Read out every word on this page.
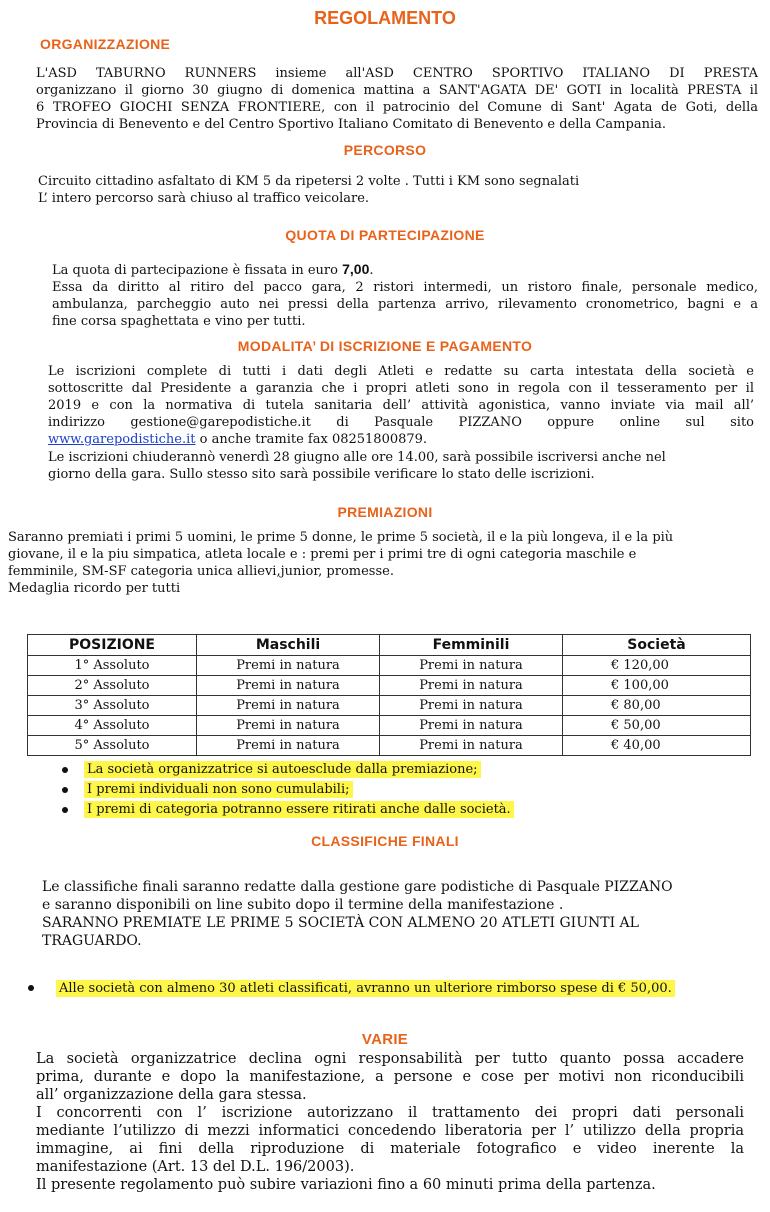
REGOLAMENTO
ORGANIZZAZIONE
L'ASD TABURNO RUNNERS insieme all'ASD CENTRO SPORTIVO ITALIANO DI PRESTA
organizzano il giorno 30 giugno di domenica mattina a SANT'AGATA DE' GOTI in località PRESTA il
6 TROFEO GIOCHI SENZA FRONTIERE, con il patrocinio del Comune di Sant' Agata de Goti, della
Provincia di Benevento e del Centro Sportivo Italiano Comitato di Benevento e della Campania.
PERCORSO
Circuito cittadino asfaltato di KM 5 da ripetersi 2 volte . Tutti i KM sono segnalati
L’ intero percorso sarà chiuso al traffico veicolare.
QUOTA DI PARTECIPAZIONE
La quota di partecipazione è fissata in euro 7,00.
Essa da diritto al ritiro del pacco gara, 2 ristori intermedi, un ristoro finale, personale medico,
ambulanza, parcheggio auto nei pressi della partenza arrivo, rilevamento cronometrico, bagni e a
fine corsa spaghettata e vino per tutti.
MODALITA’ DI ISCRIZIONE E PAGAMENTO
Le iscrizioni complete di tutti i dati degli Atleti e redatte su carta intestata della società e
sottoscritte dal Presidente a garanzia che i propri atleti sono in regola con il tesseramento per il
2019 e con la normativa di tutela sanitaria dell’ attività agonistica, vanno inviate via mail all’
indirizzo gestione@garepodistiche.it di Pasquale PIZZANO oppure online sul sito
www.garepodistiche.it o anche tramite fax 08251800879.
Le iscrizioni chiuderannò venerdì 28 giugno alle ore 14.00, sarà possibile iscriversi anche nel
giorno della gara. Sullo stesso sito sarà possibile verificare lo stato delle iscrizioni.
PREMIAZIONI
Saranno premiati i primi 5 uomini, le prime 5 donne, le prime 5 società, il e la più longeva, il e la più
giovane, il e la piu simpatica, atleta locale e : premi per i primi tre di ogni categoria maschile e
femminile, SM-SF categoria unica allievi,junior, promesse.
Medaglia ricordo per tutti
POSIZIONE	Maschili	Femminili	Società
1° Assoluto	Premi in natura	Premi in natura	€ 120,00
2° Assoluto	Premi in natura	Premi in natura	€ 100,00
3° Assoluto	Premi in natura	Premi in natura	€ 80,00
4° Assoluto	Premi in natura	Premi in natura	€ 50,00
5° Assoluto	Premi in natura	Premi in natura	€ 40,00
La società organizzatrice si autoesclude dalla premiazione;
I premi individuali non sono cumulabili;
I premi di categoria potranno essere ritirati anche dalle società.
CLASSIFICHE FINALI
Le classifiche finali saranno redatte dalla gestione gare podistiche di Pasquale PIZZANO
e saranno disponibili on line subito dopo il termine della manifestazione .
SARANNO PREMIATE LE PRIME 5 SOCIETÀ CON ALMENO 20 ATLETI GIUNTI AL
TRAGUARDO.
Alle società con almeno 30 atleti classificati, avranno un ulteriore rimborso spese di € 50,00.
VARIE
La società organizzatrice declina ogni responsabilità per tutto quanto possa accadere
prima, durante e dopo la manifestazione, a persone e cose per motivi non riconducibili
all’ organizzazione della gara stessa.
I concorrenti con l’ iscrizione autorizzano il trattamento dei propri dati personali
mediante l’utilizzo di mezzi informatici concedendo liberatoria per l’ utilizzo della propria
immagine, ai fini della riproduzione di materiale fotografico e video inerente la
manifestazione (Art. 13 del D.L. 196/2003).
Il presente regolamento può subire variazioni fino a 60 minuti prima della partenza.
